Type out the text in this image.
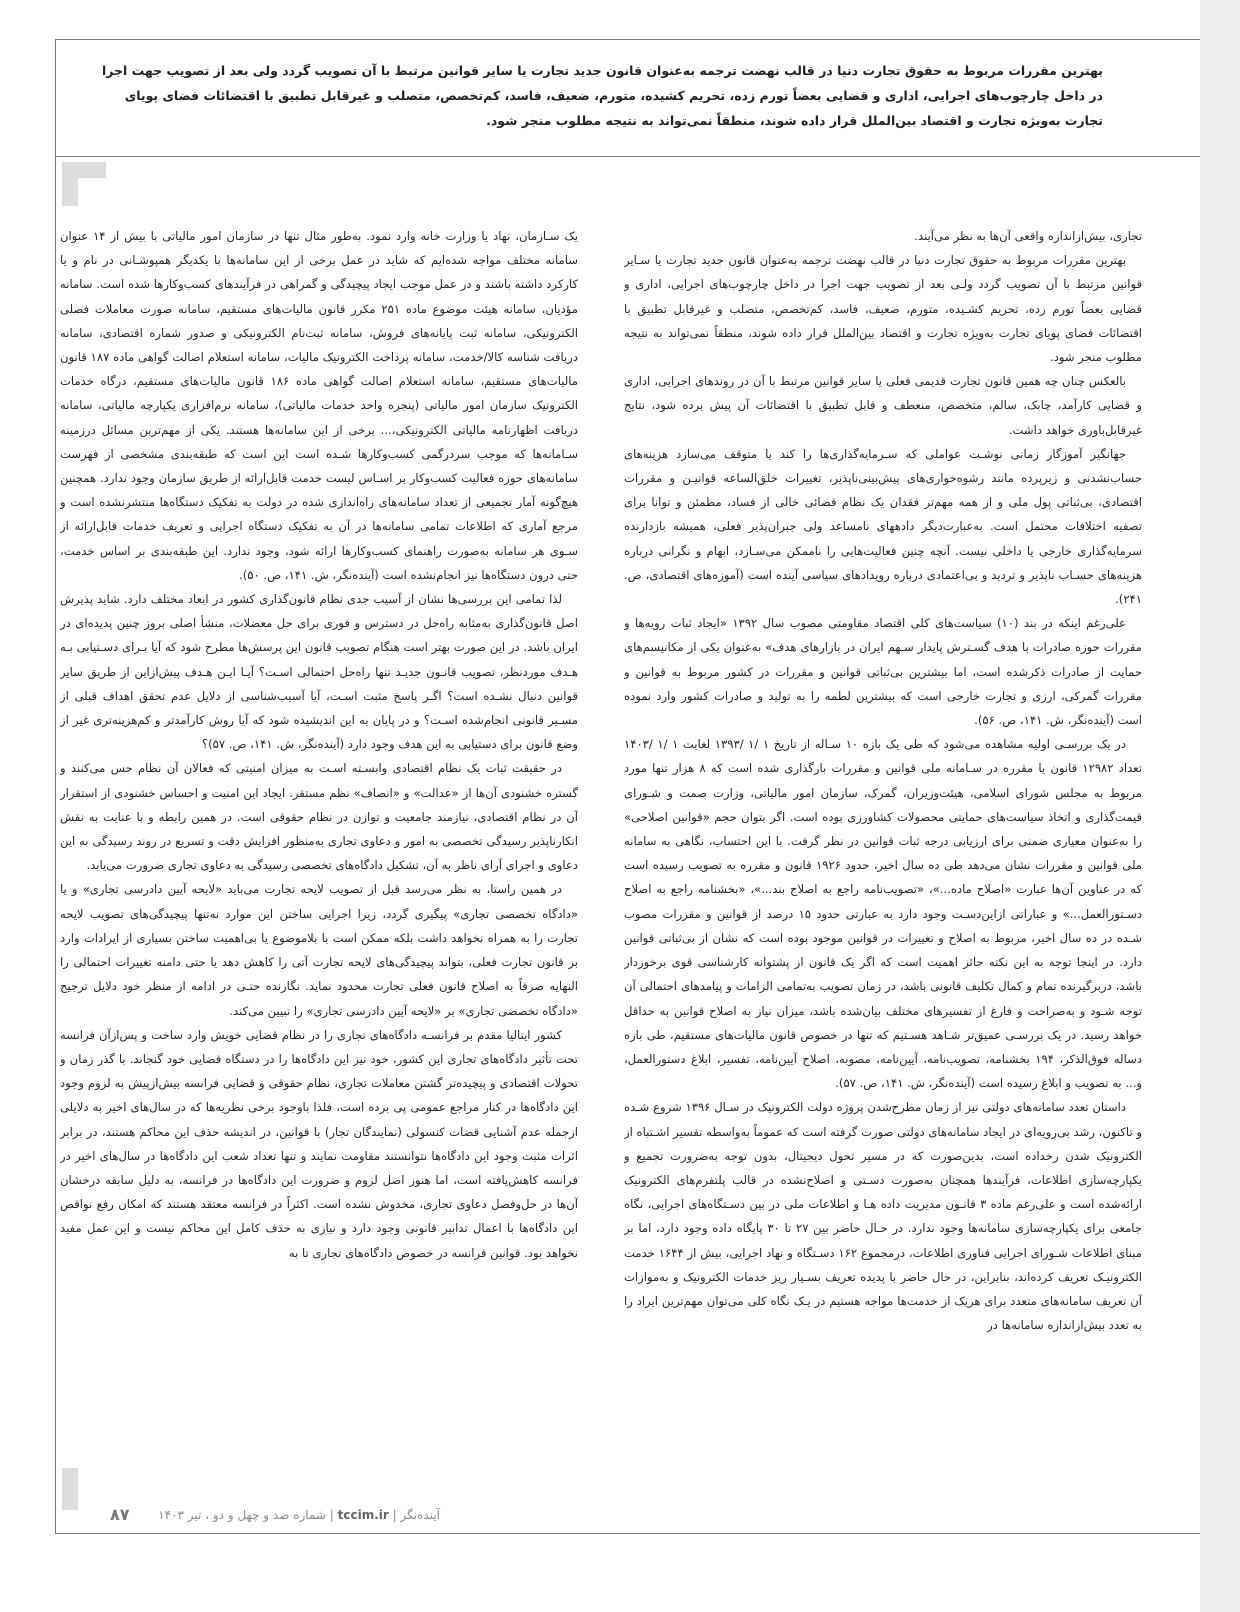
بهترین مقررات مربوط به حقوق تجارت دنیا در قالب نهضت ترجمه به‌عنوان قانون جدید تجارت یا سایر قوانین مرتبط با آن تصویب گردد ولی بعد از تصویب جهت اجرا در داخل چارچوب‌های اجرایی، اداری و قضایی بعضاً تورم زده، تحریم کشیده، متورم، ضعیف، فاسد، کم‌تخصص، متصلب و غیرقابل تطبیق با اقتضائات فضای پویای تجارت به‌ویژه تجارت و اقتصاد بین‌الملل قرار داده شوند، منطقاً نمی‌تواند به نتیجه مطلوب منجر شود.

تجاری، بیش‌ازاندازه واقعی آن‌ها به نظر می‌آیند.

بهترین مقررات مربوط به حقوق تجارت دنیا در قالب نهضت ترجمه به‌عنوان قانون جدید تجارت یا سـایر قوانین مرتبط با آن تصویب گردد ولـی بعد از تصویب جهت اجرا در داخل چارچوب‌های اجرایی، اداری و قضایی بعضاً تورم زده، تحریم کشـیده، متورم، ضعیف، فاسد، کم‌تخصص، متصلب و غیرقابل تطبیق با اقتضائات فضای پویای تجارت به‌ویژه تجارت و اقتصاد بین‌الملل قرار داده شوند، منطقاً نمی‌تواند به نتیجه مطلوب منجر شود.

بالعکس چنان چه همین قانون تجارت قدیمی فعلی یا سایر قوانین مرتبط با آن در روندهای اجرایی، اداری و قضایی کارآمد، چابک، سالم، متخصص، منعطف و قابل تطبیق با اقتضائات آن پیش برده شود، نتایج غیرقابل‌باوری خواهد داشت.

جهانگیر آموزگار زمانی نوشـت عواملی که سـرمایه‌گذاری‌ها را کند یا متوقف می‌سازد هزینه‌های حساب‌نشدنی و زیرپرده مانند رشوه‌خواری‌های پیش‌بینی‌ناپذیر، تغییرات خلق‌الساعه قوانیـن و مقررات اقتصادی، بی‌ثباتی پول ملی و از همه مهم‌تر فقدان یک نظام قضائی خالی از فساد، مطمئن و توانا برای تصفیه اختلافات محتمل است. به‌عبارت‌دیگر دادههای نامساعد ولی جبران‌پذیر فعلی، همیشه بازدارنده سرمایه‌گذاری خارجی یا داخلی نیست. آنچه چنین فعالیت‌هایی را ناممکن می‌سـازد، ابهام و نگرانی درباره هزینه‌های حسـاب ناپذیر و تردید و بی‌اعتمادی درباره رویدادهای سیاسی آینده است (آموزه‌های اقتصادی، ص. ۲۴۱).

علی‌رغم اینکه در بند (۱۰) سیاست‌های کلی اقتصاد مقاومتی مصوب سال ۱۳۹۲ «ایجاد ثبات رویه‌ها و مقررات حوزه صادرات با هدف گسـترش پایدار سـهم ایران در بازارهای هدف» به‌عنوان یکی از مکانیسم‌های حمایت از صادرات ذکرشده است، اما بیشترین بی‌ثباتی قوانین و مقررات در کشور مربوط به قوانین و مقررات گمرکی، ارزی و تجارت خارجی است که بیشترین لطمه را به تولید و صادرات کشور وارد نموده است (آینده‌نگر، ش. ۱۴۱، ص. ۵۶).

در یک بررسـی اولیه مشاهده می‌شود که طی یک بازه ۱۰ سـاله از تاریخ ۱ /۱ /۱۳۹۳ لغایت ۱ /۱ /۱۴۰۳ تعداد ۱۲۹۸۲ قانون یا مقرره در سـامانه ملی قوانین و مقررات بارگذاری شده است که ۸ هزار تنها مورد مربوط به مجلس شورای اسلامی، هیئت‌وزیران، گمرک، سازمان امور مالیاتی، وزارت صمت و شـورای قیمت‌گذاری و اتخاذ سیاست‌های حمایتی محصولات کشاورزی بوده است. اگر بتوان حجم «قوانین اصلاحی» را به‌عنوان معیاری ضمنی برای ارزیابی درجه ثبات قوانین در نظر گرفت. با این احتساب، نگاهی به سامانه ملی قوانین و مقررات نشان می‌دهد طی ده سال اخیر، حدود ۱۹۲۶ قانون و مقرره به تصویب رسیده است که در عناوین آن‌ها عبارت «اصلاح ماده...»، «تصویب‌نامه راجع به اصلاح بند...»، «بخشنامه راجع به اصلاح دسـتورالعمل...» و عباراتی ازاین‌دسـت وجود دارد به عبارتی حدود ۱۵ درصد از قوانین و مقررات مصوب شـده در ده سال اخیر، مربوط به اصلاح و تغییرات در قوانین موجود بوده است که نشان از بی‌ثباتی قوانین دارد. در اینجا توجه به این نکته حائز اهمیت است که اگر یک قانون از پشتوانه کارشناسی قوی برخوردار باشد، دربرگیرنده تمام و کمال تکلیف قانونی باشد، در زمان تصویب به‌تمامی الزامات و پیامدهای احتمالی آن توجه شـود و به‌صراحت و فارغ از تفسیرهای مختلف بیان‌شده باشد، میزان نیاز به اصلاح قوانین به حداقل خواهد رسید. در یک بررسـی عمیق‌تر شـاهد هسـتیم که تنها در خصوص قانون مالیات‌های مستقیم، طی بازه دساله فوق‌الذکر، ۱۹۴ بخشنامه، تصویب‌نامه، آیین‌نامه، مصوبه، اصلاح آیین‌نامه، تفسیر، ابلاغ دستورالعمل، و... به تصویب و ابلاغ رسیده است (آینده‌نگر، ش. ۱۴۱، ص. ۵۷).

داستان تعدد سامانه‌های دولتی نیز از زمان مطرح‌شدن پروژه دولت الکترونیک در سـال ۱۳۹۶ شروع شـده و تاکنون، رشد بی‌رویه‌ای در ایجاد سامانه‌های دولتی صورت گرفته است که عموماً به‌واسطه تفسیر اشـتباه از الکترونیک شدن رخداده است، بدین‌صورت که در مسیر تحول دیجیتال، بدون توجه به‌ضرورت تجمیع و یکپارچه‌سازی اطلاعات، فرآیندها همچنان به‌صورت دسـتی و اصلاح‌نشده در قالب پلتفرم‌های الکترونیک ارائه‌شده است و علی‌رغم ماده ۳ قانـون مدیریت داده هـا و اطلاعات ملی در بین دسـتگاه‌های اجرایی، نگاه جامعی برای یکپارچه‌سازی سامانه‌ها وجود ندارد. در حـال حاضر بین ۲۷ تا ۳۰ پایگاه داده وجود دارد، اما بر مبنای اطلاعات شـورای اجرایی فناوری اطلاعات، درمجموع ۱۶۲ دسـتگاه و نهاد اجرایی، بیش از ۱۶۴۴ خدمت الکترونیـک تعریف کرده‌اند، بنابراین، در حال حاضر با پدیده تعریف بسـیار ریز خدمات الکترونیک و به‌موازات آن تعریف سامانه‌های متعدد برای هریک از خدمت‌ها مواجه هستیم در یـک نگاه کلی می‌توان مهم‌ترین ایراد را به تعدد بیش‌ازاندازه سامانه‌ها در

یک سـازمان، نهاد یا وزارت خانه وارد نمود. به‌طور مثال تنها در سازمان امور مالیاتی با بیش از ۱۴ عنوان سامانه مختلف مواجه شده‌ایم که شاید در عمل برخی از این سامانه‌ها با یکدیگر همپوشـانی در نام و یا کارکرد داشته باشند و در عمل موجب ایجاد پیچیدگی و گمراهی در فرآیندهای کسب‌وکارها شده است. سامانه مؤدیان، سامانه هیئت موضوع ماده ۲۵۱ مکرر قانون مالیات‌های مستقیم، سامانه صورت معاملات فصلی الکترونیکی، سامانه ثبت پایانه‌های فروش، سامانه ثبت‌نام الکترونیکی و صدور شماره اقتصادی، سامانه دریافت شناسه کالا/خدمت، سامانه پرداخت الکترونیک مالیات، سامانه استعلام اصالت گواهی ماده ۱۸۷ قانون مالیات‌های مستقیم، سامانه استعلام اصالت گواهی ماده ۱۸۶ قانون مالیات‌های مستقیم، درگاه خدمات الکترونیک سازمان امور مالیاتی (پنجره واحد خدمات مالیاتی)، سامانه نرم‌افزاری یکپارچه مالیاتی، سامانه دریافت اظهارنامه مالیاتی الکترونیکی،... برخی از این سامانه‌ها هستند. یکی از مهم‌ترین مسائل درزمینه سـامانه‌ها که موجب سردرگمی کسب‌وکارها شـده است این است که طبقه‌بندی مشخصی از فهرست سامانه‌های حوزه فعالیت کسب‌وکار بر اسـاس لیست خدمت قابل‌ارائه از طریق سازمان وجود ندارد. همچنین هیچ‌گونه آمار تجمیعی از تعداد سامانه‌های راه‌اندازی شده در دولت به تفکیک دستگاه‌ها منتشرنشده است و مرجع آماری که اطلاعات تمامی سامانه‌ها در آن به تفکیک دستگاه اجرایی و تعریف خدمات قابل‌ارائه از سـوی هر سامانه به‌صورت راهنمای کسب‌وکارها ارائه شود، وجود ندارد. این طبقه‌بندی بر اساس خدمت، حتی درون دستگاه‌ها نیز انجام‌نشده است (آینده‌نگر، ش. ۱۴۱، ص. ۵۰).

لذا تمامی این بررسی‌ها نشان از آسیب جدی نظام قانون‌گذاری کشور در ابعاد مختلف دارد. شاید پذیرش اصل قانون‌گذاری به‌مثابه راه‌حل در دسترس و فوری برای حل معضلات، منشأ اصلی بروز چنین پدیده‌ای در ایران باشد. در این صورت بهتر است هنگام تصویب قانون این پرسش‌ها مطرح شود که آیا بـرای دسـتیابی بـه هـدف موردنظر، تصویب قانـون جدیـد تنها راه‌حل احتمالی اسـت؟ آیـا ایـن هـدف پیش‌ازاین از طریق سایر قوانین دنبال نشـده است؟ اگـر پاسخ مثبت اسـت، آیا آسیب‌شناسی از دلایل عدم تحقق اهداف قبلی از مسـیر قانونی انجام‌شده اسـت؟ و در پایان به این اندیشیده شود که آیا روش کارآمدتر و کم‌هزینه‌تری غیر از وضع قانون برای دستیابی به این هدف وجود دارد (آینده‌نگر، ش. ۱۴۱، ص. ۵۷)؟

در حقیقت ثبات یک نظام اقتصادی وابسـته اسـت به میزان امنیتی که فعالان آن نظام حس می‌کنند و گستره خشنودی آن‌ها از «عدالت» و «انصاف» نظم مستقر. ایجاد این امنیت و احساس خشنودی از استقرار آن در نظام اقتصادی، نیازمند جامعیت و توازن در نظام حقوقی است. در همین رابطه و با عنایت به نقش انکارناپذیر رسیدگی تخصصی به امور و دعاوی تجاری به‌منظور افزایش دقت و تسریع در روند رسیدگی به این دعاوی و اجرای آرای ناظر به آن، تشکیل دادگاه‌های تخصصی رسیدگی به دعاوی تجاری ضرورت می‌یابد.

در همین راستا، به نظر می‌رسد قبل از تصویب لایحه تجارت می‌باید «لایحه آیین دادرسی تجاری» و یا «دادگاه تخصصی تجاری» پیگیری گردد، زیرا اجرایی ساختن این موارد نه‌تنها پیچیدگی‌های تصویب لایحه تجارت را به همراه نخواهد داشت بلکه ممکن است با بلاموضوع یا بی‌اهمیت ساختن بسیاری از ایرادات وارد بر قانون تجارت فعلی، بتواند پیچیدگی‌های لایحه تجارت آتی را کاهش دهد یا حتی دامنه تغییرات احتمالی را النهایه صرفاً به اصلاح قانون فعلی تجارت محدود نماید. نگارنده حتـی در ادامه از منظر خود دلایل ترجیح «دادگاه تخصصی تجاری» بر «لایحه آیین دادرسی تجاری» را تبیین می‌کند.

کشور ایتالیا مقدم بر فرانسـه دادگاه‌های تجاری را در نظام قضایی خویش وارد ساخت و پس‌ازآن فرانسه تحت تأثیر دادگاه‌های تجاری این کشور، خود نیز این دادگاه‌ها را در دستگاه قضایی خود گنجاند. با گذر زمان و تحولات اقتصادی و پیچیده‌تر گشتن معاملات تجاری، نظام حقوقی و قضایی فرانسه بیش‌ازپیش به لزوم وجود این دادگاه‌ها در کنار مراجع عمومی پی برده است، فلذا باوجود برخی نظریه‌ها که در سال‌های اخیر به دلایلی ازجمله عدم آشنایی قضات کنسولی (نمایندگان تجار) با قوانین، در اندیشه حذف این محاکم هستند، در برابر اثرات مثبت وجود این دادگاه‌ها نتوانستند مقاومت نمایند و تنها تعداد شعب این دادگاه‌ها در سال‌های اخیر در فرانسه کاهش‌یافته است، اما هنوز اصل لزوم و ضرورت این دادگاه‌ها در فرانسه، به دلیل سابقه درخشان آن‌ها در حل‌وفصل دعاوی تجاری، مخدوش نشده است. اکثراً در فرانسه معتقد هستند که امکان رفع نواقص این دادگاه‌ها با اعمال تدابیر قانونی وجود دارد و نیازی به حذف کامل این محاکم نیست و این عمل مفید نخواهد بود. قوانین فرانسه در خصوص دادگاه‌های تجاری تا به

۸۷	آینده‌نگر | tccim.ir | شماره صد و چهل و دو ، تیر ۱۴۰۳
